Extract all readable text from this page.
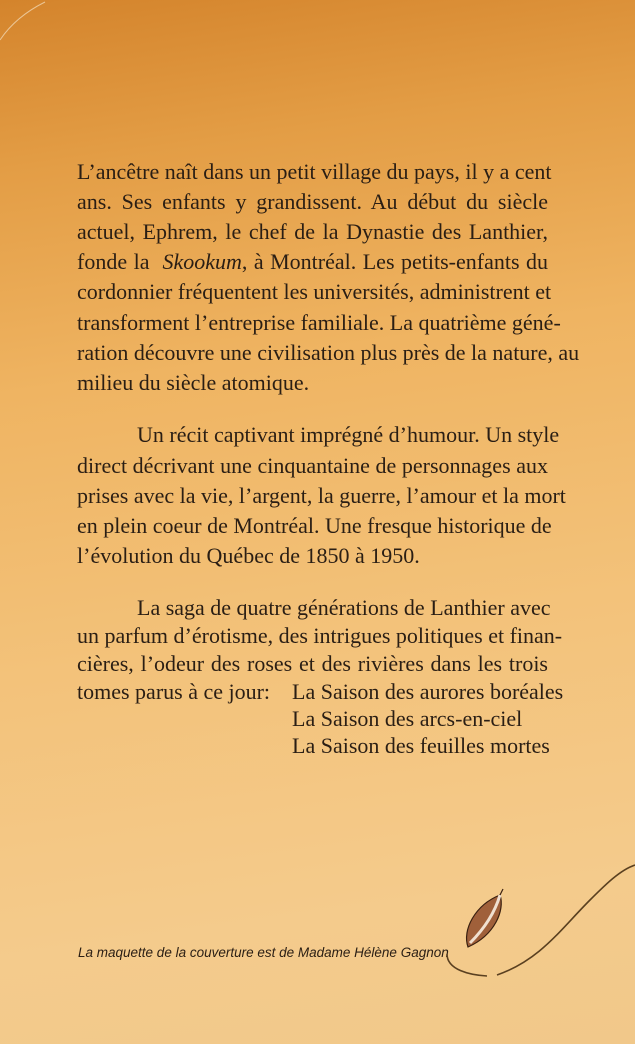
L’ancêtre naît dans un petit village du pays, il y a cent
ans. Ses enfants y grandissent. Au début du siècle
actuel, Ephrem, le chef de la Dynastie des Lanthier,
fonde la  Skookum, à Montréal. Les petits-enfants du
cordonnier fréquentent les universités, administrent et
transforment l’entreprise familiale. La quatrième géné-
ration découvre une civilisation plus près de la nature, au
milieu du siècle atomique.
Un récit captivant imprégné d’humour. Un style
direct décrivant une cinquantaine de personnages aux
prises avec la vie, l’argent, la guerre, l’amour et la mort
en plein coeur de Montréal. Une fresque historique de
l’évolution du Québec de 1850 à 1950.
La saga de quatre générations de Lanthier avec
un parfum d’érotisme, des intrigues politiques et finan-
cières, l’odeur des roses et des rivières dans les trois
tomes parus à ce jour: La Saison des aurores boréales
La Saison des arcs-en-ciel
La Saison des feuilles mortes
La maquette de la couverture est de Madame Hélène Gagnon
